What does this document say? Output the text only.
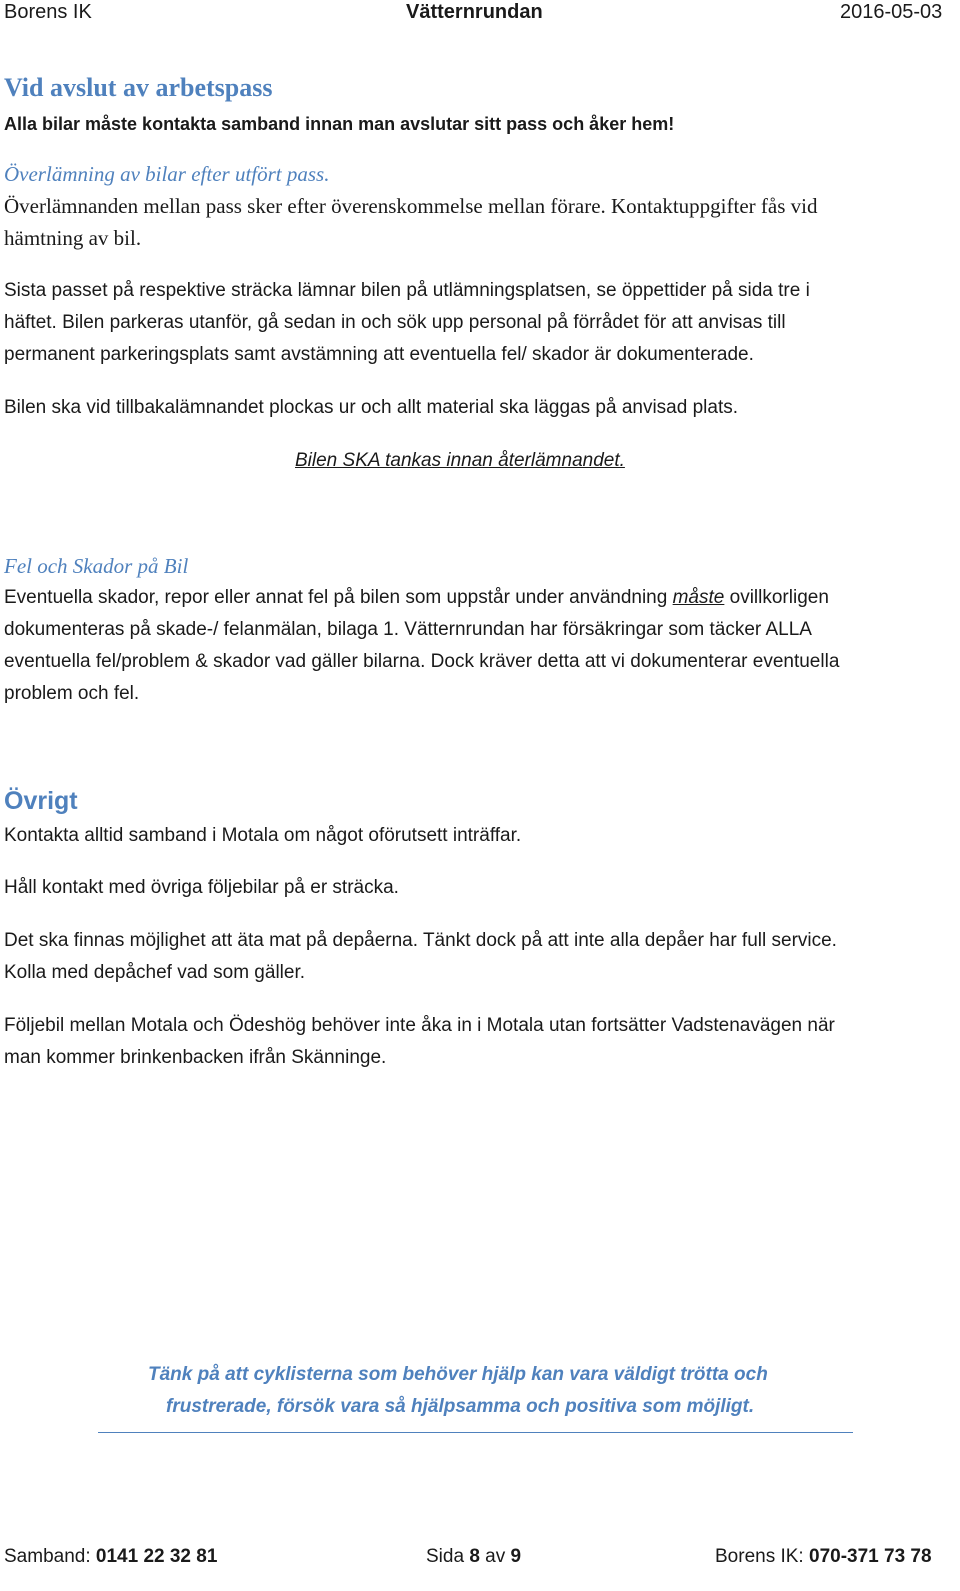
Borens IK	Vätternrundan	2016-05-03
Vid avslut av arbetspass
Alla bilar måste kontakta samband innan man avslutar sitt pass och åker hem!
Överlämning av bilar efter utfört pass.
Överlämnanden mellan pass sker efter överenskommelse mellan förare. Kontaktuppgifter fås vid
hämtning av bil.
Sista passet på respektive sträcka lämnar bilen på utlämningsplatsen, se öppettider på sida tre i
häftet. Bilen parkeras utanför, gå sedan in och sök upp personal på förrådet för att anvisas till
permanent parkeringsplats samt avstämning att eventuella fel/ skador är dokumenterade.
Bilen ska vid tillbakalämnandet plockas ur och allt material ska läggas på anvisad plats.
Bilen SKA tankas innan återlämnandet.
Fel och Skador på Bil
Eventuella skador, repor eller annat fel på bilen som uppstår under användning måste ovillkorligen
dokumenteras på skade-/ felanmälan, bilaga 1. Vätternrundan har försäkringar som täcker ALLA
eventuella fel/problem & skador vad gäller bilarna. Dock kräver detta att vi dokumenterar eventuella
problem och fel.
Övrigt
Kontakta alltid samband i Motala om något oförutsett inträffar.
Håll kontakt med övriga följebilar på er sträcka.
Det ska finnas möjlighet att äta mat på depåerna. Tänkt dock på att inte alla depåer har full service.
Kolla med depåchef vad som gäller.
Följebil mellan Motala och Ödeshög behöver inte åka in i Motala utan fortsätter Vadstenavägen när
man kommer brinkenbacken ifrån Skänninge.
Tänk på att cyklisterna som behöver hjälp kan vara väldigt trötta och
frustrerade, försök vara så hjälpsamma och positiva som möjligt.
Samband: 0141 22 32 81	Sida 8 av 9	Borens IK: 070-371 73 78
